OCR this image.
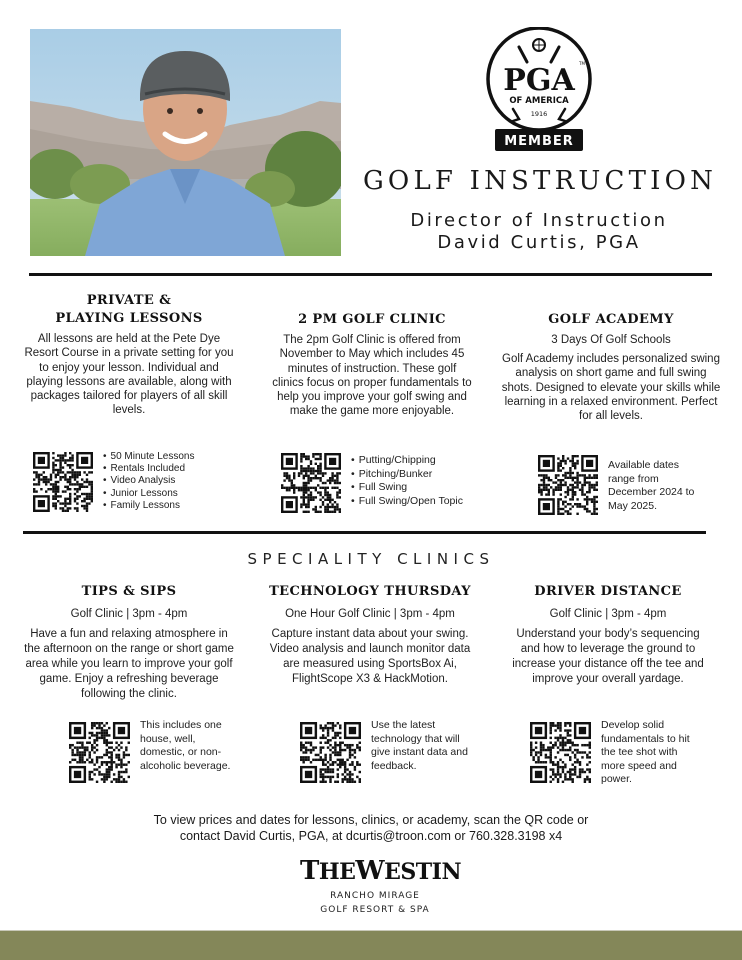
PGA TM
OF AMERICA
1916
MEMBER
GOLF INSTRUCTION
Director of Instruction
David Curtis, PGA
PRIVATE &
PLAYING LESSONS

All lessons are held at the Pete Dye Resort Course in a private setting for you to enjoy your lesson. Individual and playing lessons are available, along with packages tailored for players of all skill levels.

• 50 Minute Lessons
• Rentals Included
• Video Analysis
• Junior Lessons
• Family Lessons
2 PM GOLF CLINIC

The 2pm Golf Clinic is offered from November to May which includes 45 minutes of instruction. These golf clinics focus on proper fundamentals to help you improve your golf swing and make the game more enjoyable.

• Putting/Chipping
• Pitching/Bunker
• Full Swing
• Full Swing/Open Topic
GOLF ACADEMY
3 Days Of Golf Schools

Golf Academy includes personalized swing analysis on short game and full swing shots. Designed to elevate your skills while learning in a relaxed environment. Perfect for all levels.

Available dates range from December 2024 to May 2025.

SPECIALITY CLINICS
TIPS & SIPS
Golf Clinic | 3pm - 4pm

Have a fun and relaxing atmosphere in the afternoon on the range or short game area while you learn to improve your golf game. Enjoy a refreshing beverage following the clinic.

This includes one house, well, domestic, or non-alcoholic beverage.

TECHNOLOGY THURSDAY
One Hour Golf Clinic | 3pm - 4pm

Capture instant data about your swing. Video analysis and launch monitor data are measured using SportsBox Ai, FlightScope X3 & HackMotion.

Use the latest technology that will give instant data and feedback.

DRIVER DISTANCE
Golf Clinic | 3pm - 4pm

Understand your body’s sequencing and how to leverage the ground to increase your distance off the tee and improve your overall yardage.

Develop solid fundamentals to hit the tee shot with more speed and power.

To view prices and dates for lessons, clinics, or academy, scan the QR code or
contact David Curtis, PGA, at dcurtis@troon.com or 760.328.3198 x4
THEWESTIN
RANCHO MIRAGE
GOLF RESORT & SPA
